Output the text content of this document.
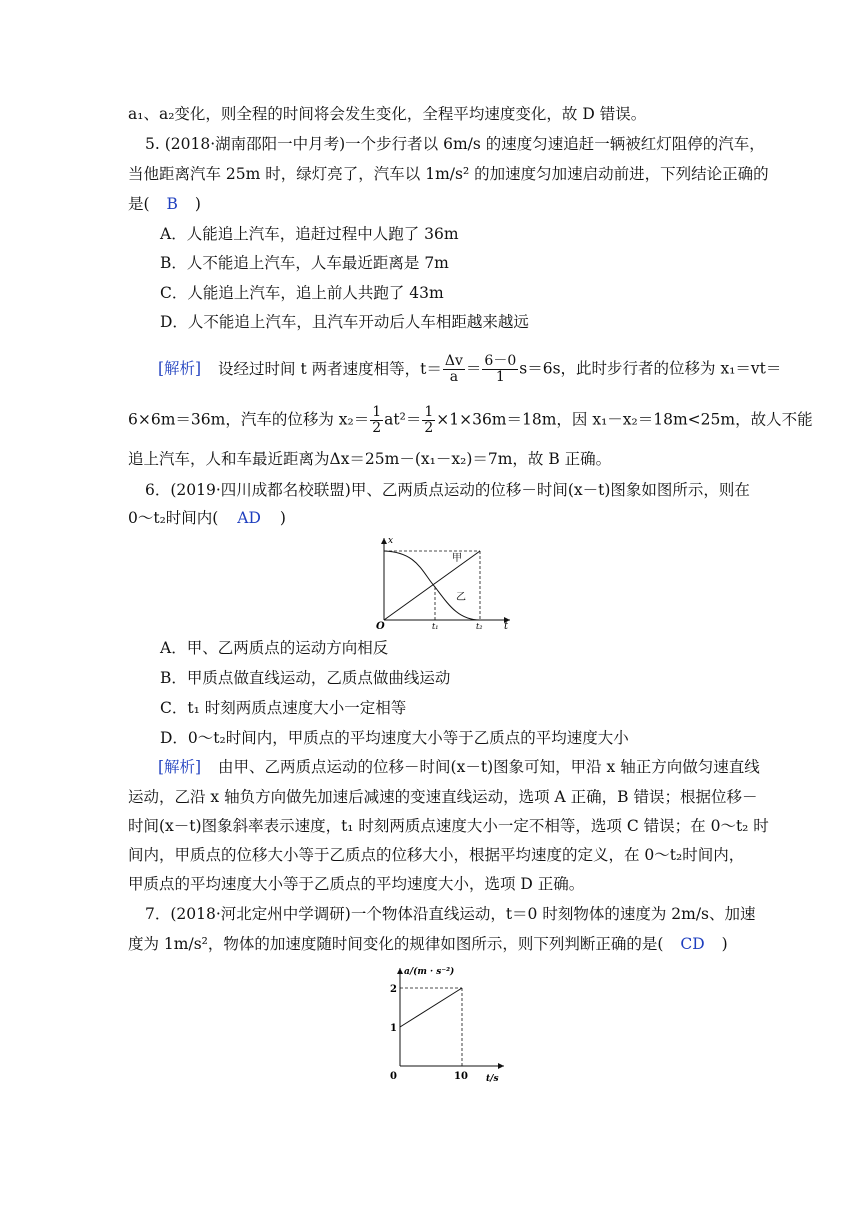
a₁、a₂变化，则全程的时间将会发生变化，全程平均速度变化，故 D 错误。
5. (2018·湖南邵阳一中月考)一个步行者以 6m/s 的速度匀速追赶一辆被红灯阻停的汽车，
当他距离汽车 25m 时，绿灯亮了，汽车以 1m/s² 的加速度匀加速启动前进，下列结论正确的
是( B )
A．人能追上汽车，追赶过程中人跑了 36m
B．人不能追上汽车，人车最近距离是 7m
C．人能追上汽车，追上前人共跑了 43m
D．人不能追上汽车，且汽车开动后人车相距越来越远
[解析] 设经过时间 t 两者速度相等，$t= \frac{\Delta v}{a} = \frac{6-0}{1} s=6s$，此时步行者的位移为 x₁＝vt＝
6×6m＝36m，汽车的位移为 $x_2= \frac{1}{2} at^2= \frac{1}{2} \times 1\times 36m=18m$，因 x₁－x₂＝18m<25m，故人不能
追上汽车，人和车最近距离为Δx＝25m－(x₁－x₂)＝7m，故 B 正确。
6．(2019·四川成都名校联盟)甲、乙两质点运动的位移－时间(x－t)图象如图所示，则在
0～t₂时间内( AD )
x
O	t₁	t₂ t
甲
乙
A．甲、乙两质点的运动方向相反
B．甲质点做直线运动，乙质点做曲线运动
C．t₁ 时刻两质点速度大小一定相等
D．0～t₂时间内，甲质点的平均速度大小等于乙质点的平均速度大小
[解析] 由甲、乙两质点运动的位移－时间(x－t)图象可知，甲沿 x 轴正方向做匀速直线
运动，乙沿 x 轴负方向做先加速后减速的变速直线运动，选项 A 正确，B 错误；根据位移－
时间(x－t)图象斜率表示速度，t₁ 时刻两质点速度大小一定不相等，选项 C 错误；在 0～t₂ 时
间内，甲质点的位移大小等于乙质点的位移大小，根据平均速度的定义，在 0～t₂时间内，
甲质点的平均速度大小等于乙质点的平均速度大小，选项 D 正确。
7．(2018·河北定州中学调研)一个物体沿直线运动，t＝0 时刻物体的速度为 2m/s、加速
度为 1m/s²，物体的加速度随时间变化的规律如图所示，则下列判断正确的是( CD )
a/(m · s⁻²)
2
1
0	10 t/s
